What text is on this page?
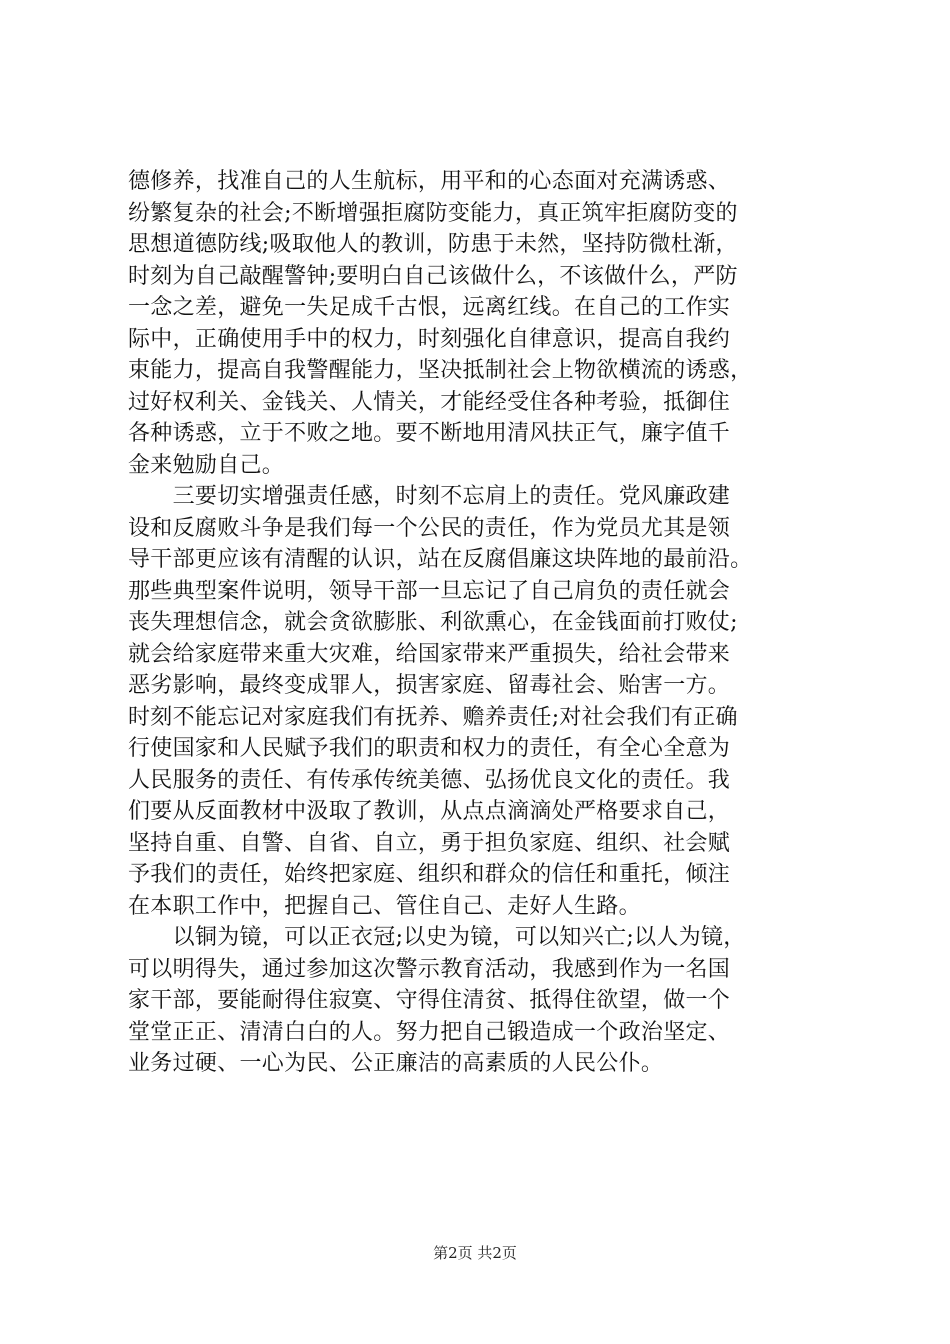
德修养，找准自己的人生航标，用平和的心态面对充满诱惑、
纷繁复杂的社会;不断增强拒腐防变能力，真正筑牢拒腐防变的
思想道德防线;吸取他人的教训，防患于未然，坚持防微杜渐，
时刻为自己敲醒警钟;要明白自己该做什么，不该做什么，严防
一念之差，避免一失足成千古恨，远离红线。在自己的工作实
际中，正确使用手中的权力，时刻强化自律意识，提高自我约
束能力，提高自我警醒能力，坚决抵制社会上物欲横流的诱惑，
过好权利关、金钱关、人情关，才能经受住各种考验，抵御住
各种诱惑，立于不败之地。要不断地用清风扶正气，廉字值千
金来勉励自己。
　　三要切实增强责任感，时刻不忘肩上的责任。党风廉政建
设和反腐败斗争是我们每一个公民的责任，作为党员尤其是领
导干部更应该有清醒的认识，站在反腐倡廉这块阵地的最前沿。
那些典型案件说明，领导干部一旦忘记了自己肩负的责任就会
丧失理想信念，就会贪欲膨胀、利欲熏心，在金钱面前打败仗;
就会给家庭带来重大灾难，给国家带来严重损失，给社会带来
恶劣影响，最终变成罪人，损害家庭、留毒社会、贻害一方。
时刻不能忘记对家庭我们有抚养、赡养责任;对社会我们有正确
行使国家和人民赋予我们的职责和权力的责任，有全心全意为
人民服务的责任、有传承传统美德、弘扬优良文化的责任。我
们要从反面教材中汲取了教训，从点点滴滴处严格要求自己，
坚持自重、自警、自省、自立，勇于担负家庭、组织、社会赋
予我们的责任，始终把家庭、组织和群众的信任和重托，倾注
在本职工作中，把握自己、管住自己、走好人生路。
　　以铜为镜，可以正衣冠;以史为镜，可以知兴亡;以人为镜，
可以明得失，通过参加这次警示教育活动，我感到作为一名国
家干部，要能耐得住寂寞、守得住清贫、抵得住欲望，做一个
堂堂正正、清清白白的人。努力把自己锻造成一个政治坚定、
业务过硬、一心为民、公正廉洁的高素质的人民公仆。
第2页 共2页
